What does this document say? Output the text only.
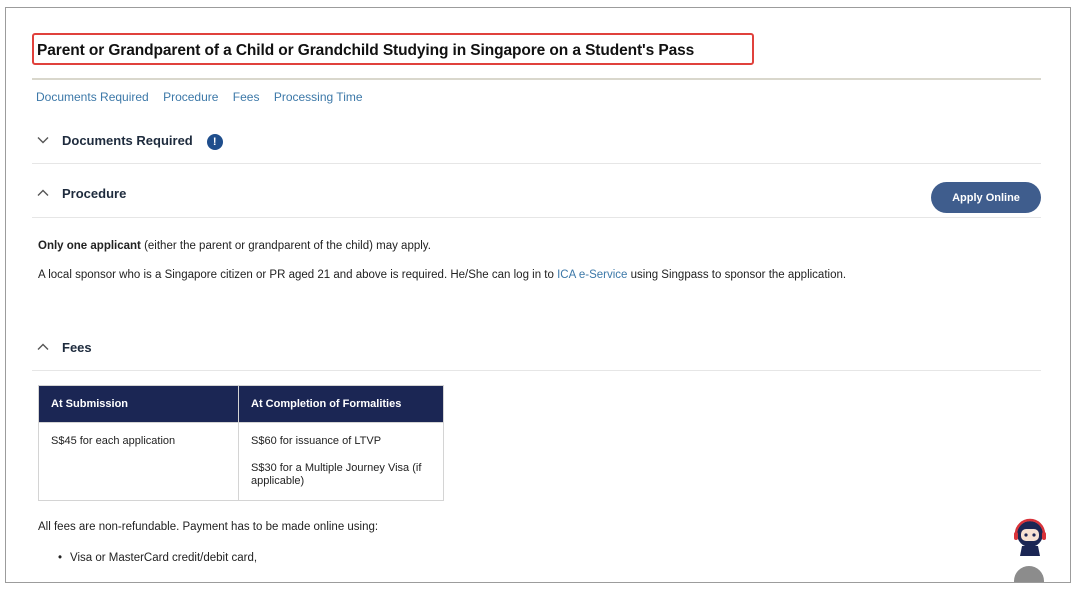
Parent or Grandparent of a Child or Grandchild Studying in Singapore on a Student's Pass
Documents Required Procedure Fees Processing Time
Documents Required	!
Procedure	Apply Online
Only one applicant (either the parent or grandparent of the child) may apply.
A local sponsor who is a Singapore citizen or PR aged 21 and above is required. He/She can log in to ICA e-Service using Singpass to sponsor the application.
Fees
At Submission	At Completion of Formalities
S$45 for each application	S$60 for issuance of LTVP
S$30 for a Multiple Journey Visa (if applicable)
All fees are non-refundable. Payment has to be made online using:
• Visa or MasterCard credit/debit card,
